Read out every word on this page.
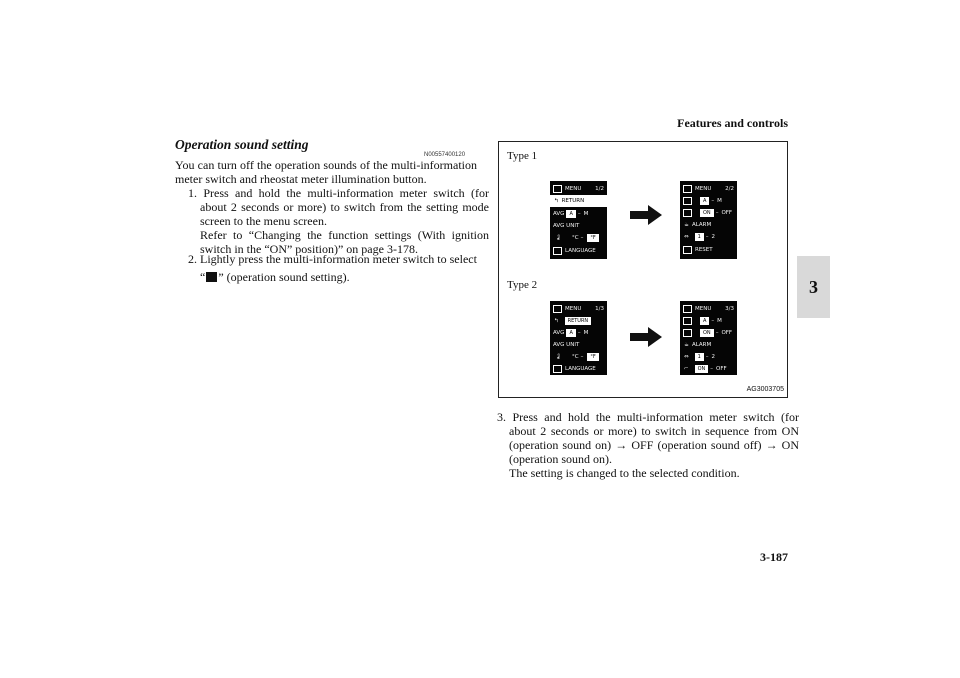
Features and controls
3
Operation sound setting
N00557400120
You can turn off the operation sounds of the multi-information meter switch and rheostat meter illumination button.
1. Press and hold the multi-information meter switch (for about 2 seconds or more) to switch from the setting mode screen to the menu screen.
Refer to “Changing the function settings (With ignition switch in the “ON” position)” on page 3-178.
2. Lightly press the multi-information meter switch to select
“ ” (operation sound setting).
Type 1
Type 2
MENU	1/2
↰ RETURN
AVG	A – M
AVG UNIT
🌡 °C –	°F
LANGUAGE
MENU	2/2
A – M
ON – OFF
☕ ALARM
⇔	1 – 2
RESET
MENU	1/3
↰	RETURN
AVG	A – M
AVG UNIT
🌡 °C –	°F
LANGUAGE
MENU	3/3
A – M
ON – OFF
☕ ALARM
⇔	1 – 2
⌐	ON – OFF
AG3003705
3. Press and hold the multi-information meter switch (for about 2 seconds or more) to switch in sequence from ON (operation sound on) → OFF (operation sound off) → ON (operation sound on).
The setting is changed to the selected condition.
3-187
